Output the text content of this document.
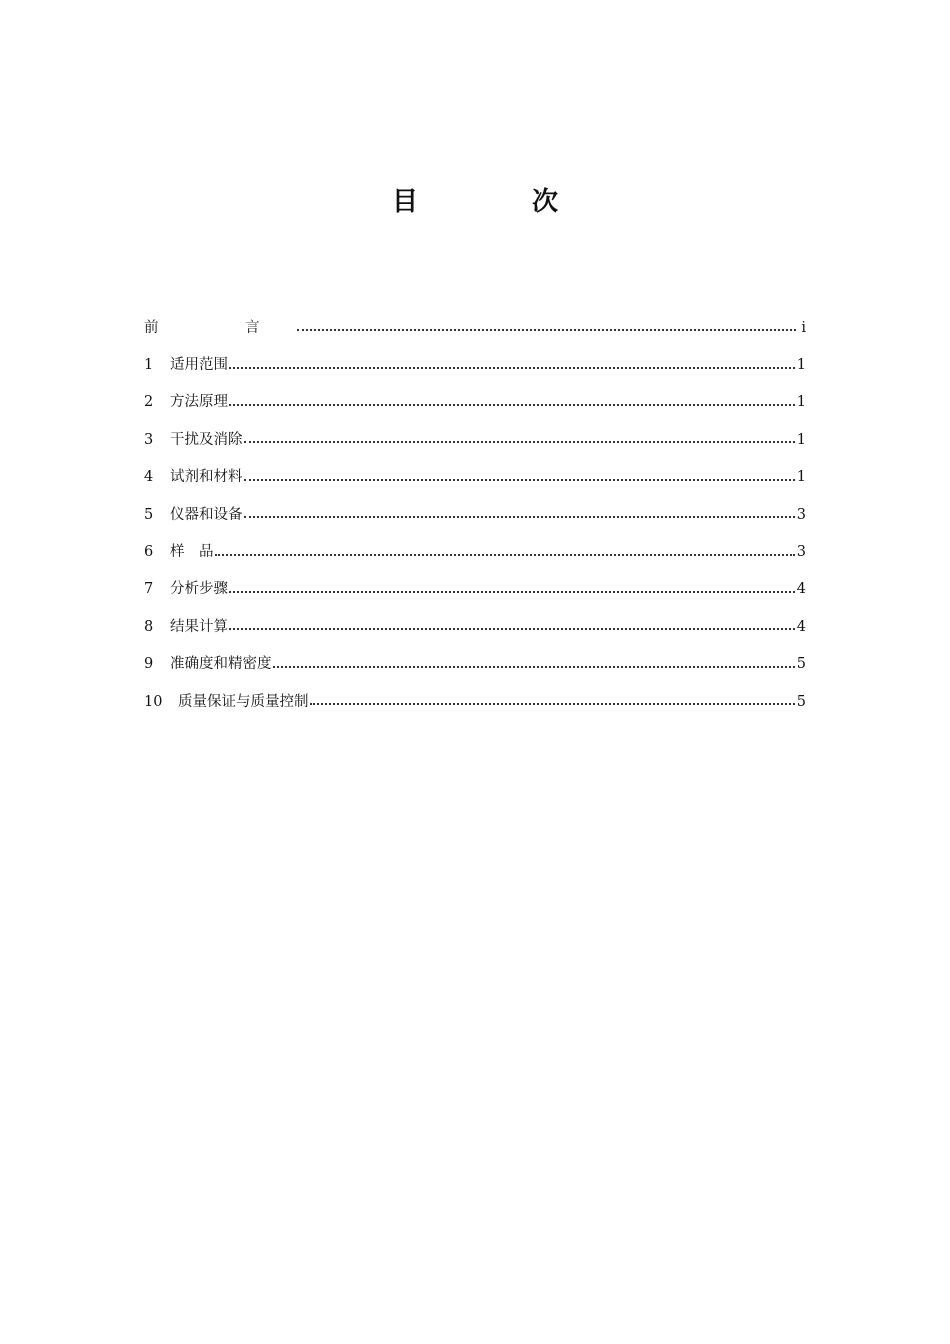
目　次
前　言	i
1	适用范围	1
2	方法原理	1
3	干扰及消除	1
4	试剂和材料	1
5	仪器和设备	3
6	样　品	3
7	分析步骤	4
8	结果计算	4
9	准确度和精密度	5
10	质量保证与质量控制	5
